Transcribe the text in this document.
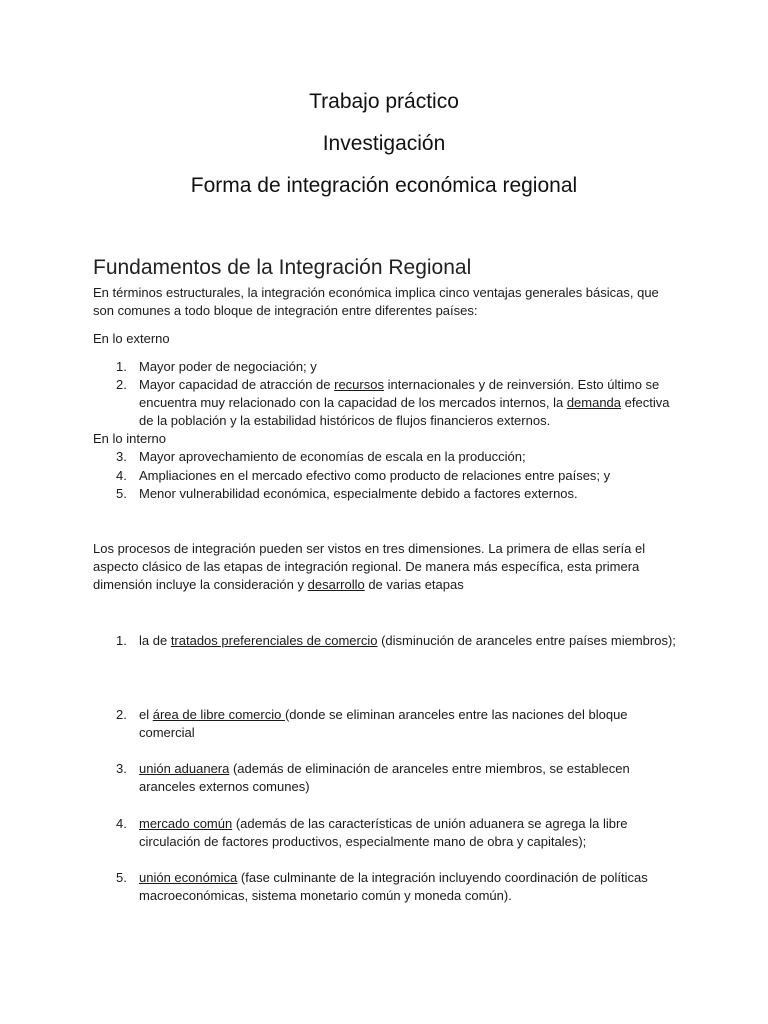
Trabajo práctico
Investigación
Forma de integración económica regional
Fundamentos de la Integración Regional
En términos estructurales, la integración económica implica cinco ventajas generales básicas, que son comunes a todo bloque de integración entre diferentes países:
En lo externo
1. Mayor poder de negociación; y
2. Mayor capacidad de atracción de recursos internacionales y de reinversión. Esto último se encuentra muy relacionado con la capacidad de los mercados internos, la demanda efectiva de la población y la estabilidad históricos de flujos financieros externos.
En lo interno
3. Mayor aprovechamiento de economías de escala en la producción;
4. Ampliaciones en el mercado efectivo como producto de relaciones entre países; y
5. Menor vulnerabilidad económica, especialmente debido a factores externos.
Los procesos de integración pueden ser vistos en tres dimensiones. La primera de ellas sería el aspecto clásico de las etapas de integración regional. De manera más específica, esta primera dimensión incluye la consideración y desarrollo de varias etapas
1. la de tratados preferenciales de comercio (disminución de aranceles entre países miembros);
2. el área de libre comercio (donde se eliminan aranceles entre las naciones del bloque comercial
3. unión aduanera (además de eliminación de aranceles entre miembros, se establecen aranceles externos comunes)
4. mercado común (además de las características de unión aduanera se agrega la libre circulación de factores productivos, especialmente mano de obra y capitales);
5. unión económica (fase culminante de la integración incluyendo coordinación de políticas macroeconómicas, sistema monetario común y moneda común).
